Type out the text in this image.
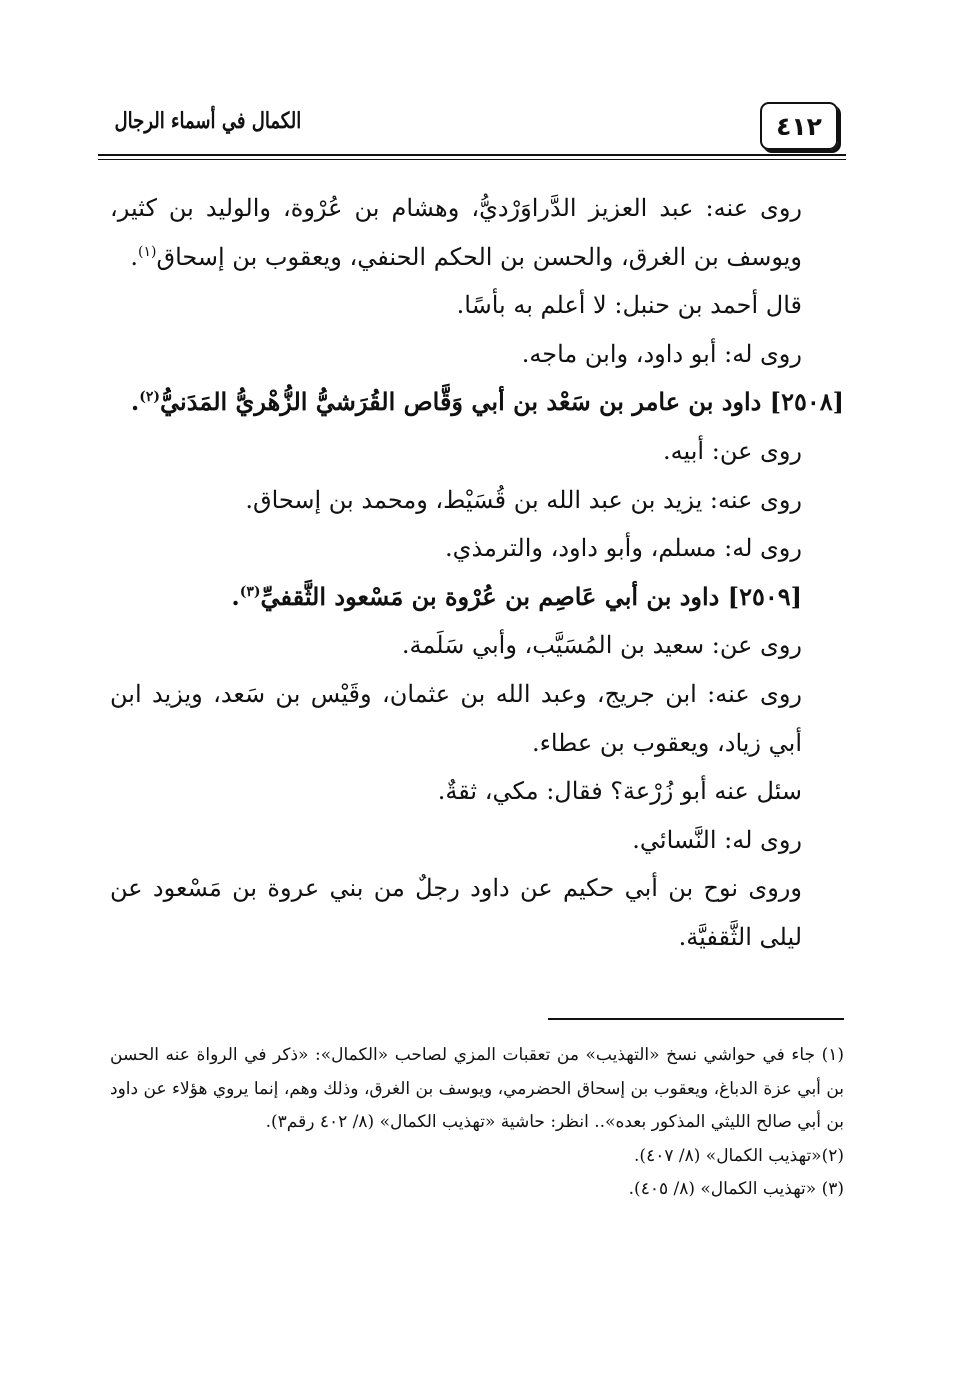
الكمال في أسماء الرجال	٤١٢

روى عنه: عبد العزيز الدَّراوَرْديُّ، وهشام بن عُرْوة، والوليد بن كثير، ويوسف بن الغرق، والحسن بن الحكم الحنفي، ويعقوب بن إسحاق$^{(١)}$.

قال أحمد بن حنبل: لا أعلم به بأسًا.

روى له: أبو داود، وابن ماجه.

[٢٥٠٨] داود بن عامر بن سَعْد بن أبي وَقَّاص القُرَشيُّ الزُّهْريُّ المَدَنيُّ$^{(٢)}$.

روى عن: أبيه.

روى عنه: يزيد بن عبد الله بن قُسَيْط، ومحمد بن إسحاق.

روى له: مسلم، وأبو داود، والترمذي.

[٢٥٠٩] داود بن أبي عَاصِم بن عُرْوة بن مَسْعود الثَّقفيِّ$^{(٣)}$.

روى عن: سعيد بن المُسَيَّب، وأبي سَلَمة.

روى عنه: ابن جريج، وعبد الله بن عثمان، وقَيْس بن سَعد، ويزيد ابن أبي زياد، ويعقوب بن عطاء.

سئل عنه أبو زُرْعة؟ فقال: مكي، ثقةٌ.

روى له: النَّسائي.

وروى نوح بن أبي حكيم عن داود رجلٌ من بني عروة بن مَسْعود عن ليلى الثَّقفيَّة.

(١) جاء في حواشي نسخ «التهذيب» من تعقبات المزي لصاحب «الكمال»: «ذكر في الرواة عنه الحسن بن أبي عزة الدباغ، ويعقوب بن إسحاق الحضرمي، ويوسف بن الغرق، وذلك وهم، إنما يروي هؤلاء عن داود بن أبي صالح الليثي المذكور بعده».. انظر: حاشية «تهذيب الكمال» (٨/ ٤٠٢ رقم٣).

(٢)«تهذيب الكمال» (٨/ ٤٠٧).

(٣) «تهذيب الكمال» (٨/ ٤٠٥).
